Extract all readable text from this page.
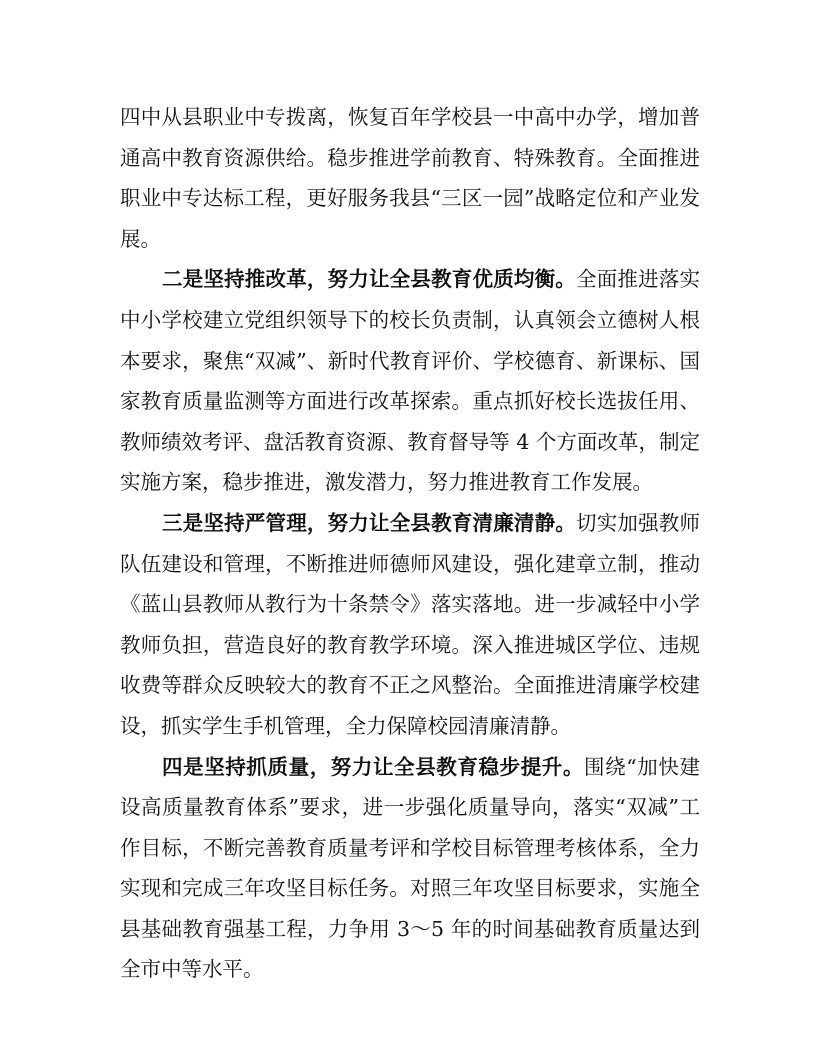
四中从县职业中专拨离，恢复百年学校县一中高中办学，增加普通高中教育资源供给。稳步推进学前教育、特殊教育。全面推进职业中专达标工程，更好服务我县“三区一园”战略定位和产业发展。

二是坚持推改革，努力让全县教育优质均衡。全面推进落实中小学校建立党组织领导下的校长负责制，认真领会立德树人根本要求，聚焦“双减”、新时代教育评价、学校德育、新课标、国家教育质量监测等方面进行改革探索。重点抓好校长选拔任用、教师绩效考评、盘活教育资源、教育督导等 4 个方面改革，制定实施方案，稳步推进，激发潜力，努力推进教育工作发展。

三是坚持严管理，努力让全县教育清廉清静。切实加强教师队伍建设和管理，不断推进师德师风建设，强化建章立制，推动《蓝山县教师从教行为十条禁令》落实落地。进一步减轻中小学教师负担，营造良好的教育教学环境。深入推进城区学位、违规收费等群众反映较大的教育不正之风整治。全面推进清廉学校建设，抓实学生手机管理，全力保障校园清廉清静。

四是坚持抓质量，努力让全县教育稳步提升。围绕“加快建设高质量教育体系”要求，进一步强化质量导向，落实“双减”工作目标，不断完善教育质量考评和学校目标管理考核体系，全力实现和完成三年攻坚目标任务。对照三年攻坚目标要求，实施全县基础教育强基工程，力争用 3～5 年的时间基础教育质量达到全市中等水平。
